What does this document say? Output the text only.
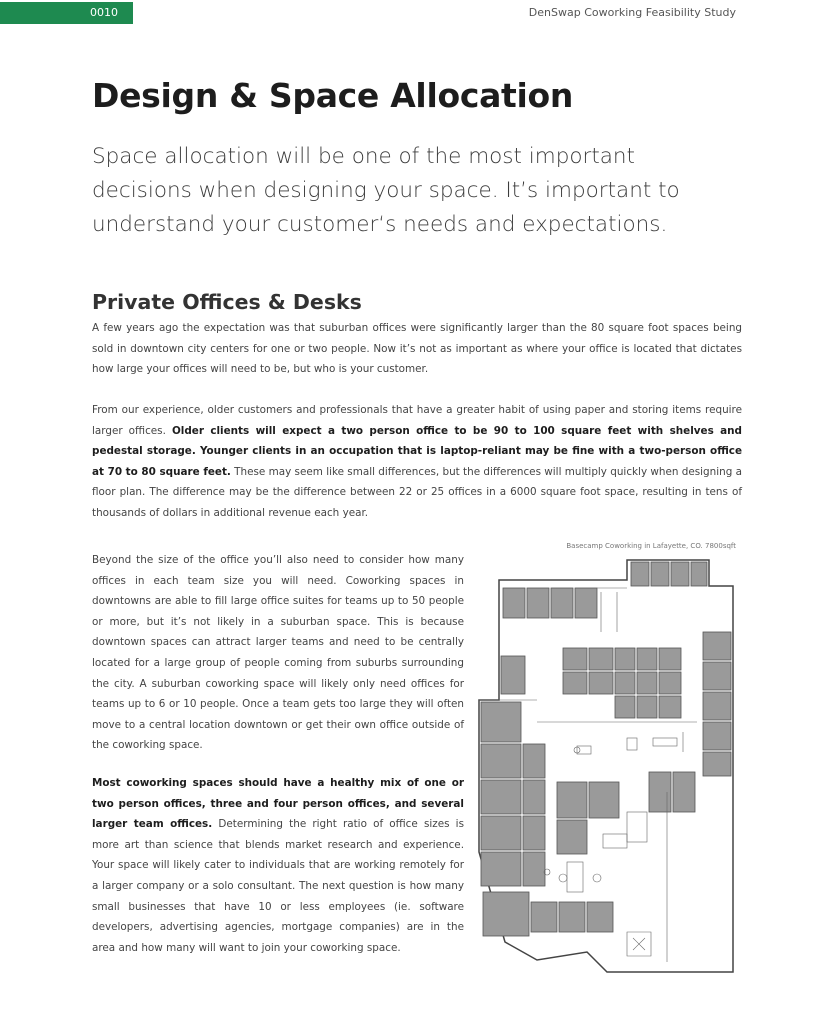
0010	DenSwap Coworking Feasibility Study
Design & Space Allocation

Space allocation will be one of the most important decisions when designing your space. It’s important to understand your customer‘s needs and expectations.

Private Offices & Desks

A few years ago the expectation was that suburban offices were significantly larger than the 80 square foot spaces being sold in downtown city centers for one or two people. Now it’s not as important as where your office is located that dictates how large your offices will need to be, but who is your customer.

From our experience, older customers and professionals that have a greater habit of using paper and storing items require larger offices. Older clients will expect a two person office to be 90 to 100 square feet with shelves and pedestal storage. Younger clients in an occupation that is laptop-reliant may be fine with a two-person office at 70 to 80 square feet. These may seem like small differences, but the differences will multiply quickly when designing a floor plan. The difference may be the difference between 22 or 25 offices in a 6000 square foot space, resulting in tens of thousands of dollars in additional revenue each year.

Beyond the size of the office you’ll also need to consider how many offices in each team size you will need. Coworking spaces in downtowns are able to fill large office suites for teams up to 50 people or more, but it’s not likely in a suburban space. This is because downtown spaces can attract larger teams and need to be centrally located for a large group of people coming from suburbs surrounding the city. A suburban coworking space will likely only need offices for teams up to 6 or 10 people. Once a team gets too large they will often move to a central location downtown or get their own office outside of the coworking space.

Most coworking spaces should have a healthy mix of one or two person offices, three and four person offices, and several larger team offices. Determining the right ratio of office sizes is more art than science that blends market research and experience. Your space will likely cater to individuals that are working remotely for a larger company or a solo consultant. The next question is how many small businesses that have 10 or less employees (ie. software developers, advertising agencies, mortgage companies) are in the area and how many will want to join your coworking space.

Basecamp Coworking in Lafayette, CO. 7800sqft
